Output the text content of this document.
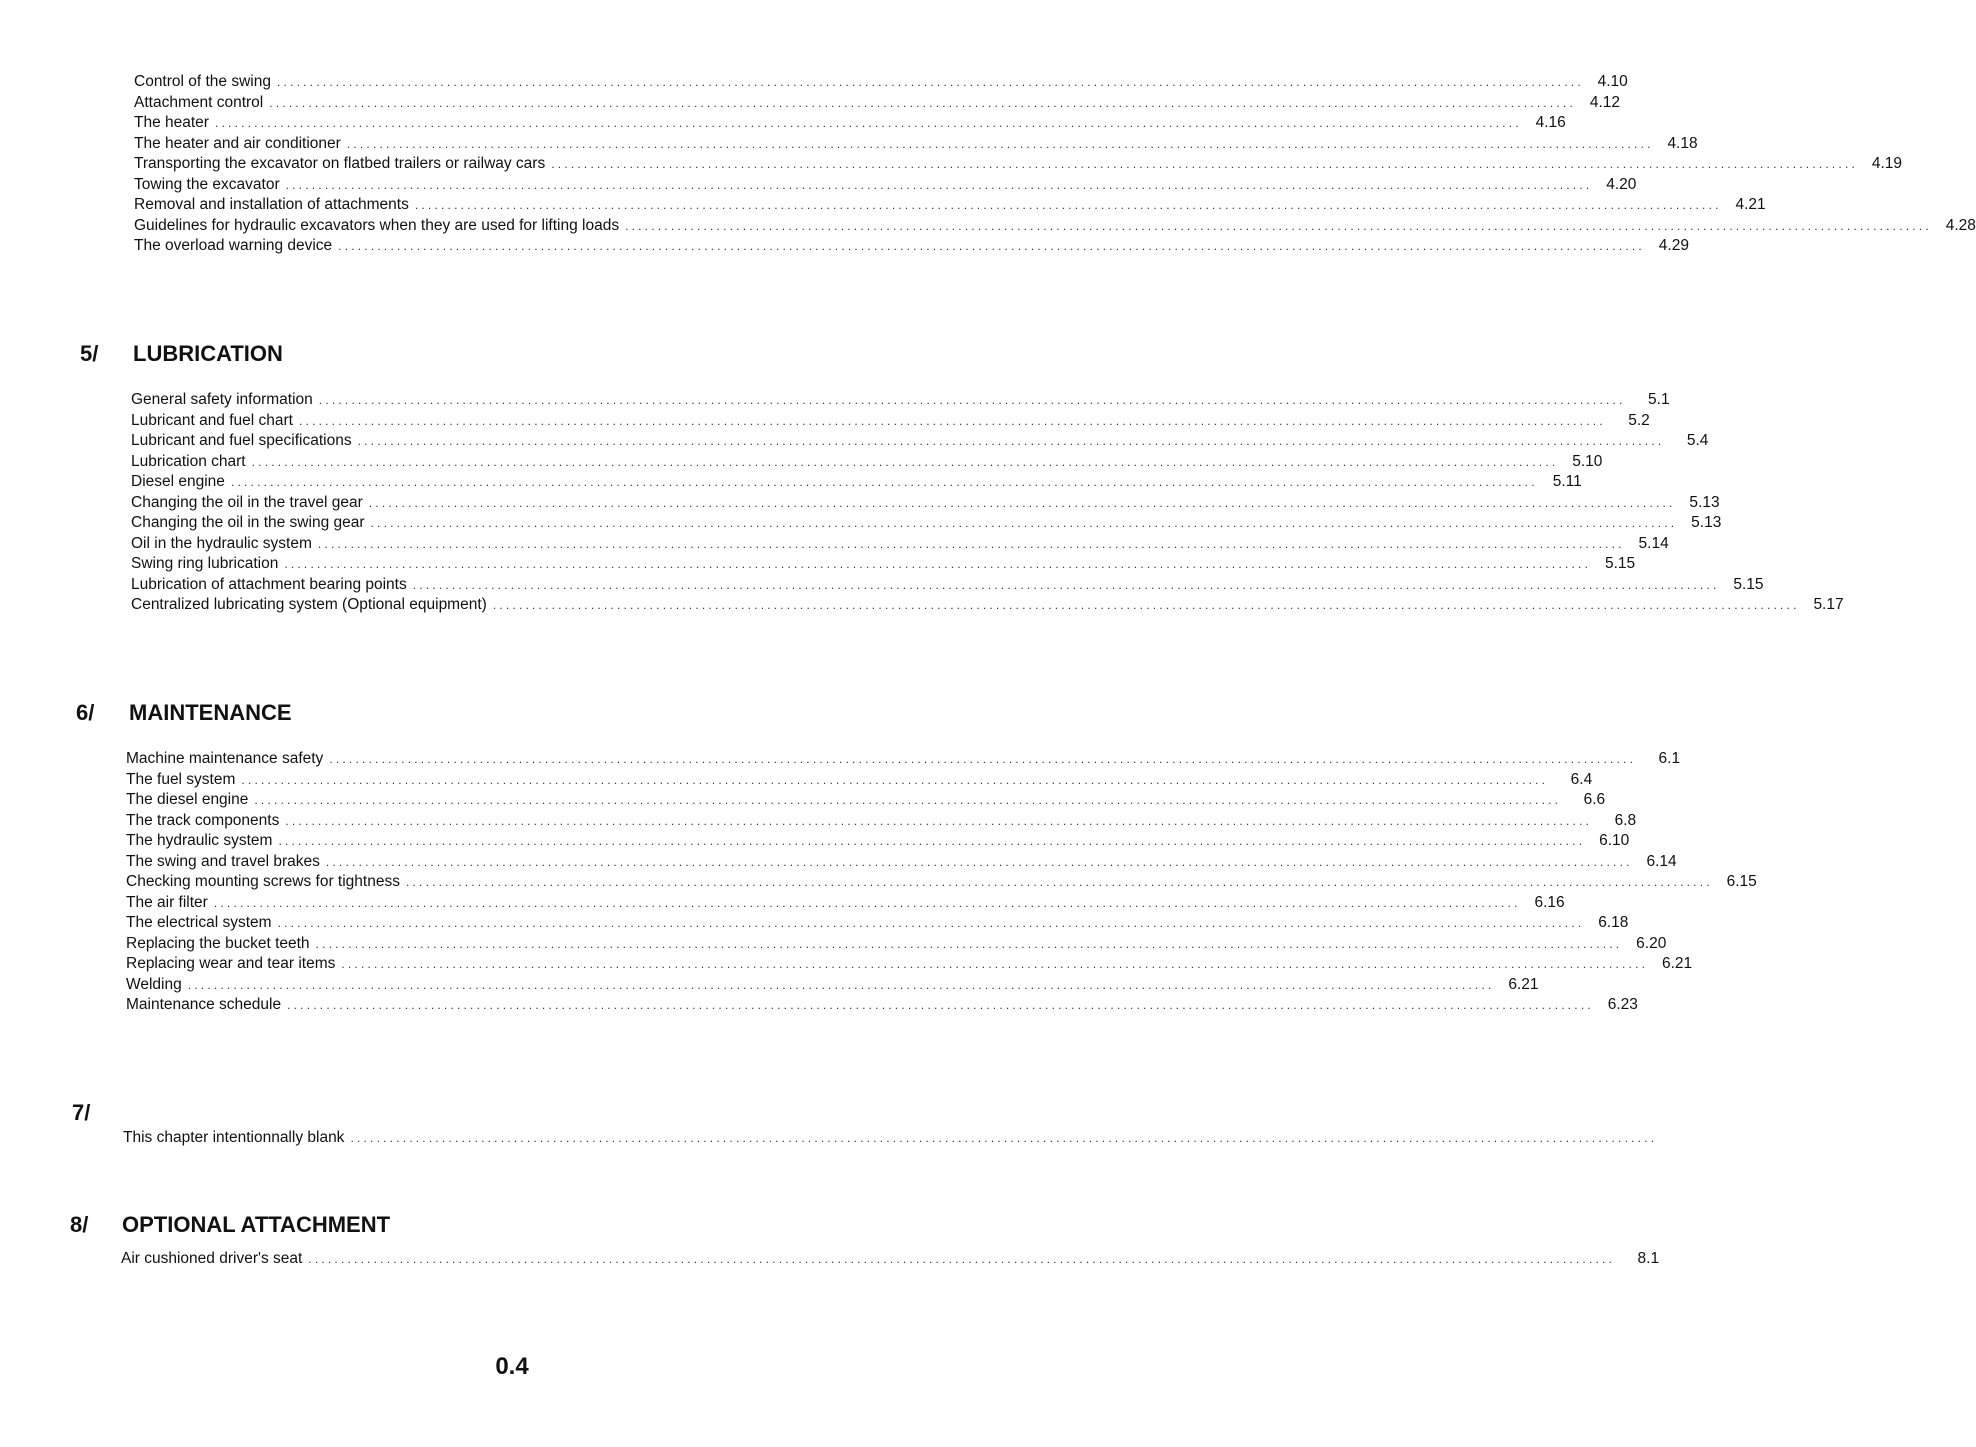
Control of the swing ........................................................................................................................................................................................................ 4.10
Attachment control ........................................................................................................................................................................................................ 4.12
The heater ........................................................................................................................................................................................................ 4.16
The heater and air conditioner ........................................................................................................................................................................................................ 4.18
Transporting the excavator on flatbed trailers or railway cars ........................................................................................................................................................................................................ 4.19
Towing the excavator ........................................................................................................................................................................................................ 4.20
Removal and installation of attachments ........................................................................................................................................................................................................ 4.21
Guidelines for hydraulic excavators when they are used for lifting loads ........................................................................................................................................................................................................ 4.28
The overload warning device ........................................................................................................................................................................................................ 4.29
5/ LUBRICATION
General safety information ........................................................................................................................................................................................................	5.1
Lubricant and fuel chart ........................................................................................................................................................................................................	5.2
Lubricant and fuel specifications ........................................................................................................................................................................................................	5.4
Lubrication chart ........................................................................................................................................................................................................ 5.10
Diesel engine ........................................................................................................................................................................................................ 5.11
Changing the oil in the travel gear ........................................................................................................................................................................................................ 5.13
Changing the oil in the swing gear ........................................................................................................................................................................................................ 5.13
Oil in the hydraulic system ........................................................................................................................................................................................................ 5.14
Swing ring lubrication ........................................................................................................................................................................................................ 5.15
Lubrication of attachment bearing points ........................................................................................................................................................................................................ 5.15
Centralized lubricating system (Optional equipment) ........................................................................................................................................................................................................ 5.17
6/ MAINTENANCE
Machine maintenance safety ........................................................................................................................................................................................................	6.1
The fuel system ........................................................................................................................................................................................................	6.4
The diesel engine ........................................................................................................................................................................................................	6.6
The track components ........................................................................................................................................................................................................	6.8
The hydraulic system ........................................................................................................................................................................................................ 6.10
The swing and travel brakes ........................................................................................................................................................................................................ 6.14
Checking mounting screws for tightness ........................................................................................................................................................................................................ 6.15
The air filter ........................................................................................................................................................................................................ 6.16
The electrical system ........................................................................................................................................................................................................ 6.18
Replacing the bucket teeth ........................................................................................................................................................................................................ 6.20
Replacing wear and tear items ........................................................................................................................................................................................................ 6.21
Welding ........................................................................................................................................................................................................ 6.21
Maintenance schedule ........................................................................................................................................................................................................ 6.23
7/
This chapter intentionnally blank ........................................................................................................................................................................................................
8/ OPTIONAL ATTACHMENT
Air cushioned driver's seat ........................................................................................................................................................................................................	8.1
0.4
